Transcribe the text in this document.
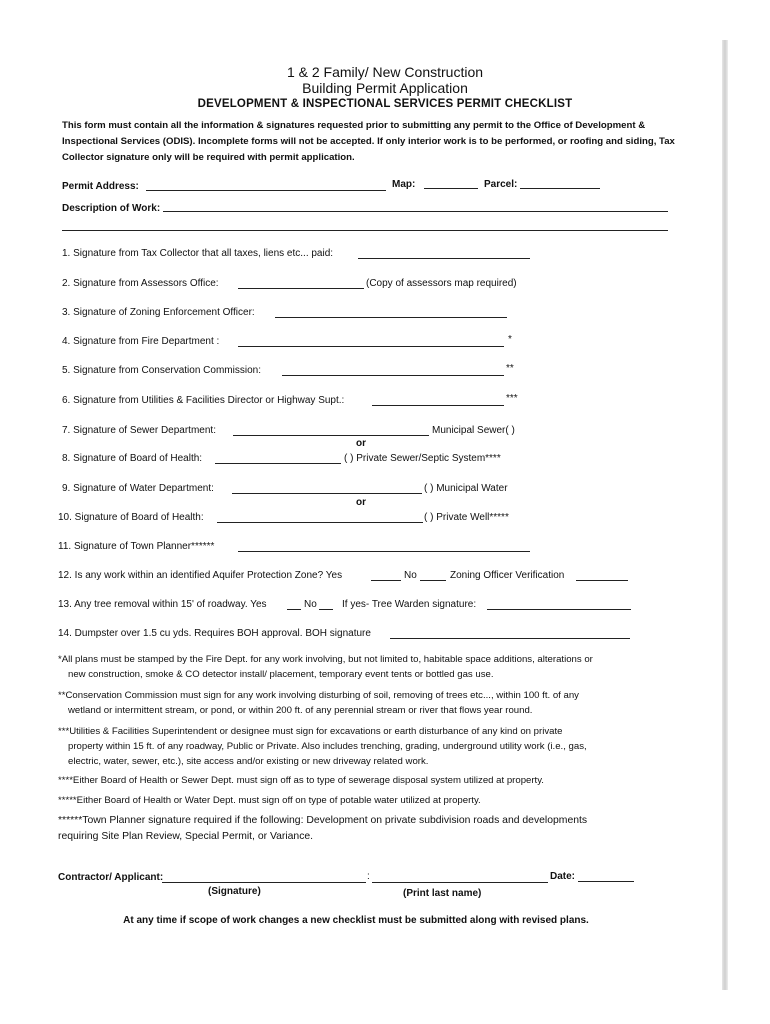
1 & 2 Family/ New Construction
Building Permit Application
DEVELOPMENT & INSPECTIONAL SERVICES PERMIT CHECKLIST
This form must contain all the information & signatures requested prior to submitting any permit to the Office of Development & Inspectional Services (ODIS). Incomplete forms will not be accepted. If only interior work is to be performed, or roofing and siding, Tax Collector signature only will be required with permit application.
Permit Address:	Map:	Parcel:
Description of Work:
1. Signature from Tax Collector that all taxes, liens etc... paid:
2. Signature from Assessors Office:	(Copy of assessors map required)
3. Signature of Zoning Enforcement Officer:
4. Signature from Fire Department :	*
5. Signature from Conservation Commission:	**
6. Signature from Utilities & Facilities Director or Highway Supt.:	***
7. Signature of Sewer Department:	Municipal Sewer( )
or
8. Signature of Board of Health:	( ) Private Sewer/Septic System****
9. Signature of Water Department:	( ) Municipal Water
or
10. Signature of Board of Health:	( ) Private Well*****
11. Signature of Town Planner******
12. Is any work within an identified Aquifer Protection Zone? Yes	No	Zoning Officer Verification
13. Any tree removal within 15' of roadway. Yes	No	If yes- Tree Warden signature:
14. Dumpster over 1.5 cu yds. Requires BOH approval. BOH signature
*All plans must be stamped by the Fire Dept. for any work involving, but not limited to, habitable space additions, alterations or
new construction, smoke & CO detector install/ placement, temporary event tents or bottled gas use.
**Conservation Commission must sign for any work involving disturbing of soil, removing of trees etc..., within 100 ft. of any
wetland or intermittent stream, or pond, or within 200 ft. of any perennial stream or river that flows year round.
***Utilities & Facilities Superintendent or designee must sign for excavations or earth disturbance of any kind on private
property within 15 ft. of any roadway, Public or Private. Also includes trenching, grading, underground utility work (i.e., gas,
electric, water, sewer, etc.), site access and/or existing or new driveway related work.
****Either Board of Health or Sewer Dept. must sign off as to type of sewerage disposal system utilized at property.
*****Either Board of Health or Water Dept. must sign off on type of potable water utilized at property.
******Town Planner signature required if the following: Development on private subdivision roads and developments
requiring Site Plan Review, Special Permit, or Variance.
Contractor/ Applicant:	:	Date:
(Signature)	(Print last name)
At any time if scope of work changes a new checklist must be submitted along with revised plans.
